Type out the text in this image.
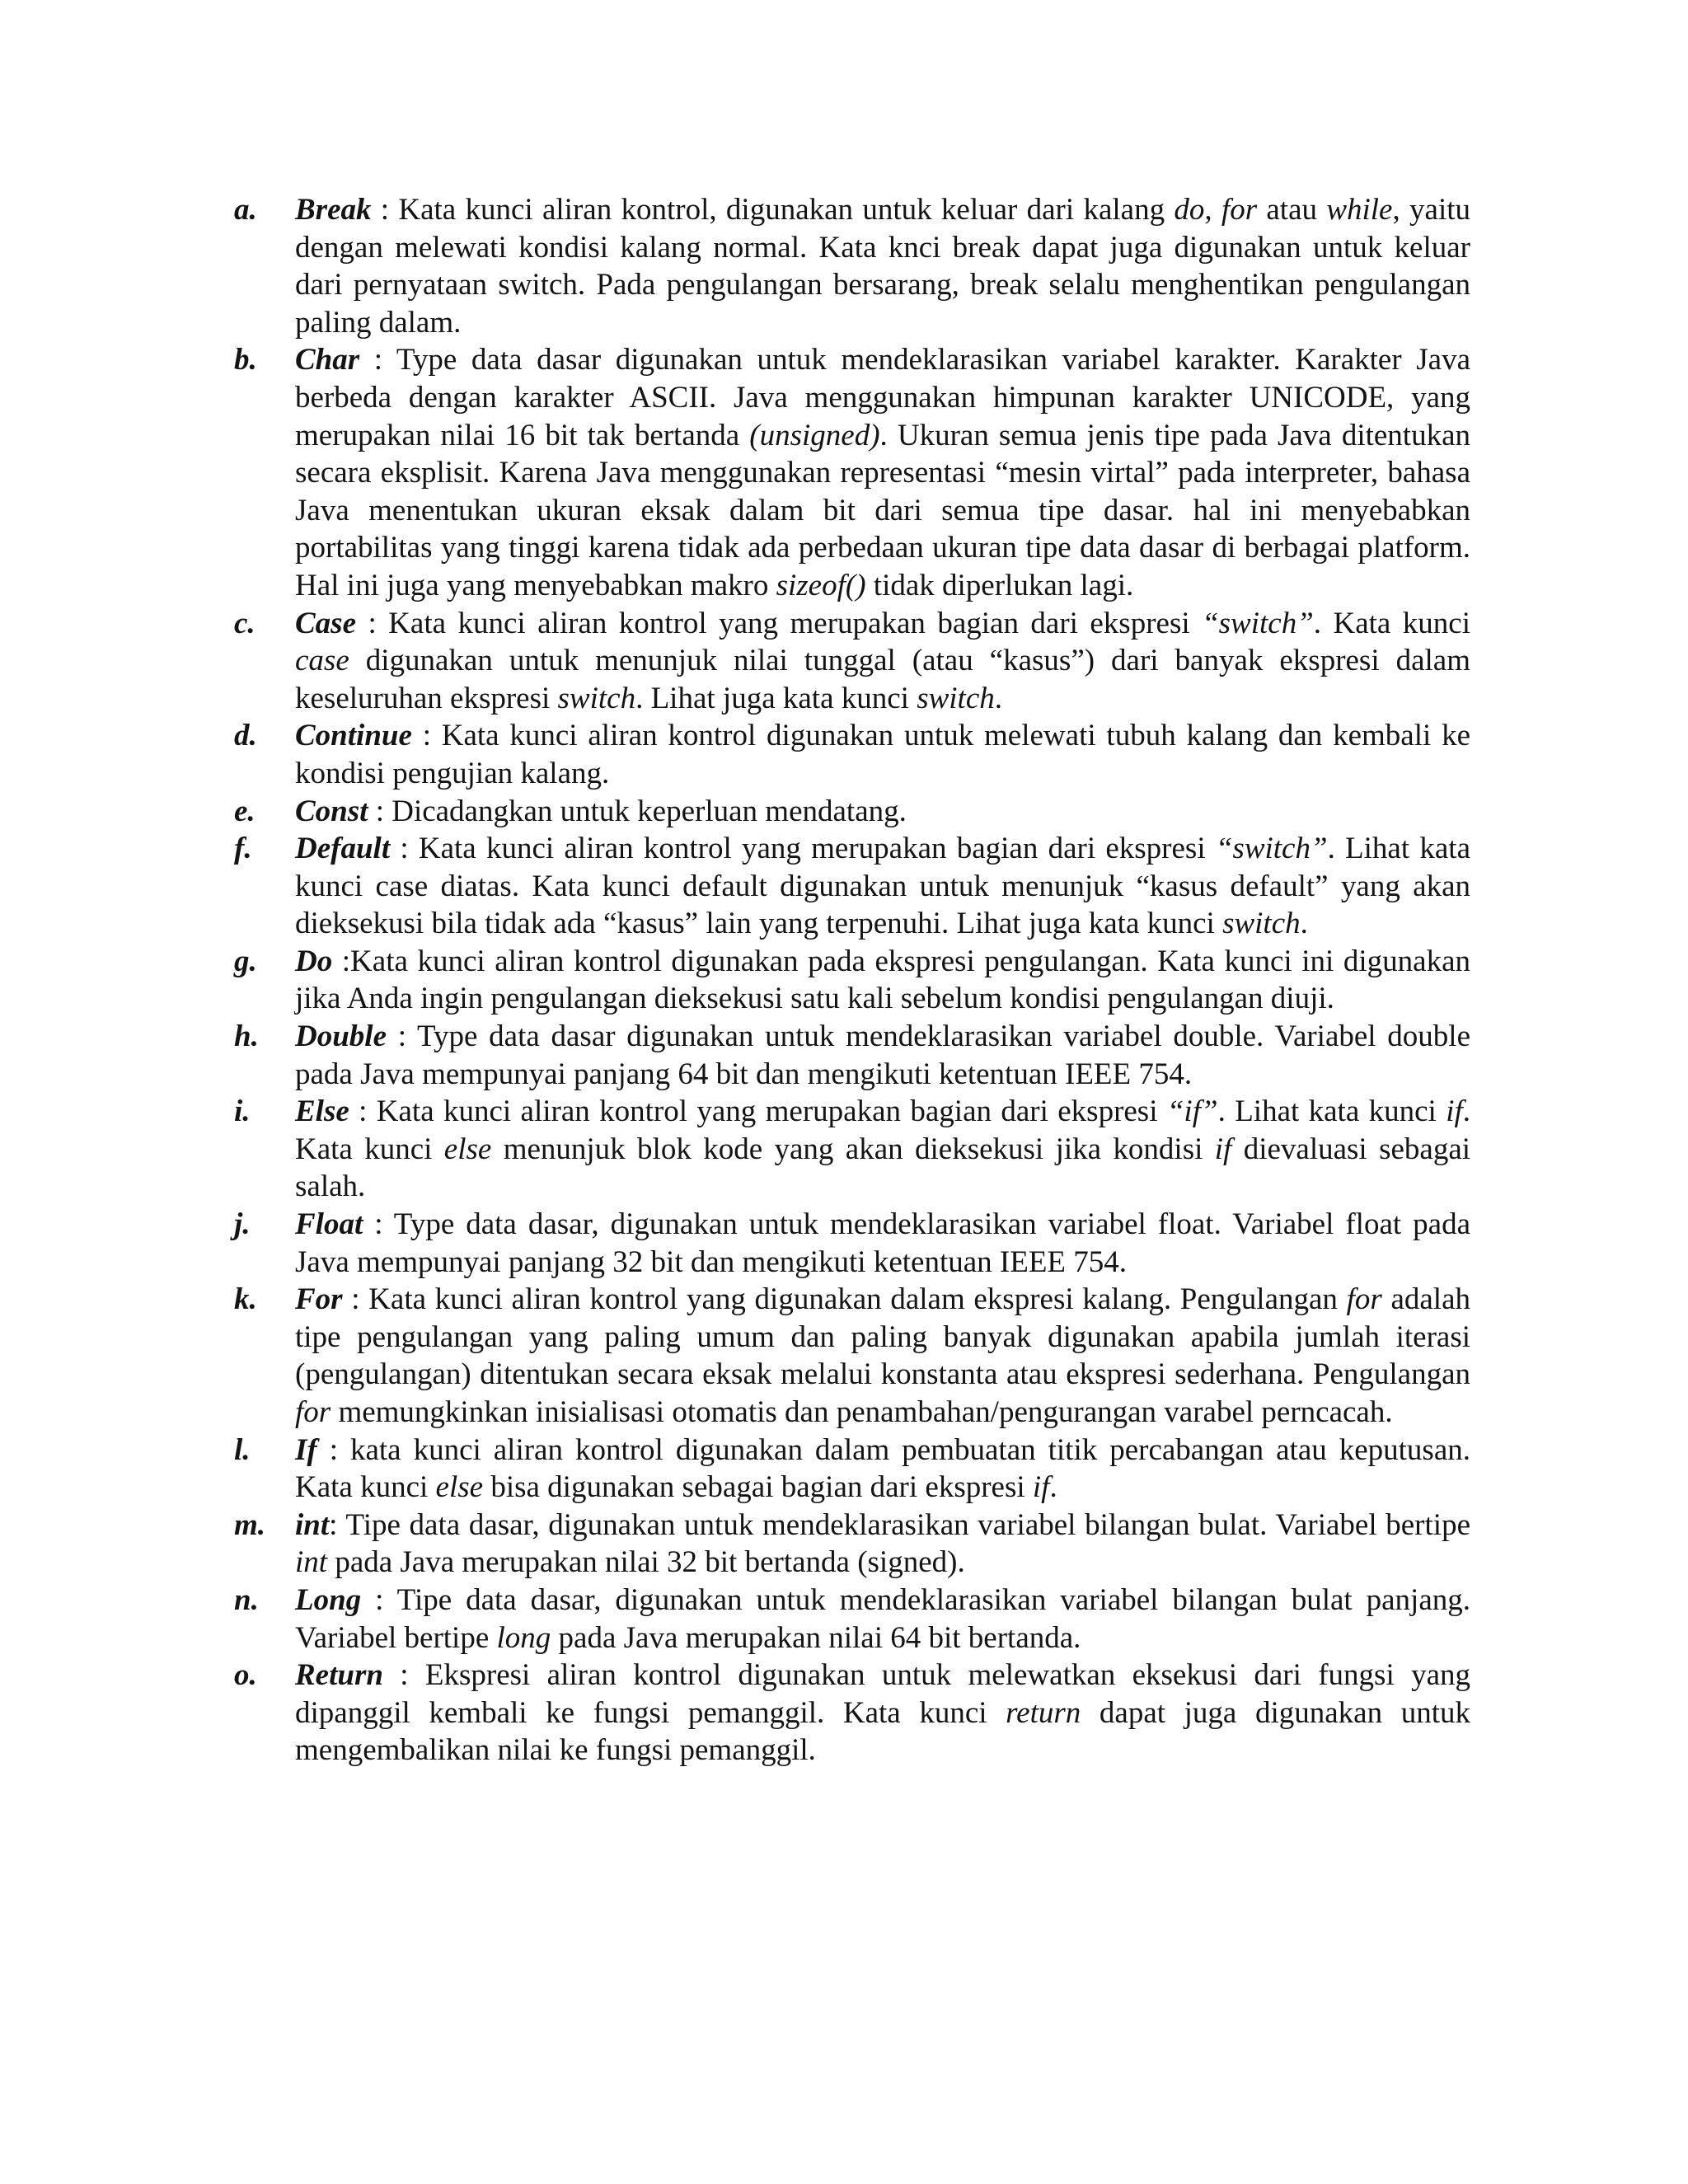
a. Break : Kata kunci aliran kontrol, digunakan untuk keluar dari kalang do, for atau while, yaitu dengan melewati kondisi kalang normal. Kata knci break dapat juga digunakan untuk keluar dari pernyataan switch. Pada pengulangan bersarang, break selalu menghentikan pengulangan paling dalam.
b. Char : Type data dasar digunakan untuk mendeklarasikan variabel karakter. Karakter Java berbeda dengan karakter ASCII. Java menggunakan himpunan karakter UNICODE, yang merupakan nilai 16 bit tak bertanda (unsigned). Ukuran semua jenis tipe pada Java ditentukan secara eksplisit. Karena Java menggunakan representasi “mesin virtal” pada interpreter, bahasa Java menentukan ukuran eksak dalam bit dari semua tipe dasar. hal ini menyebabkan portabilitas yang tinggi karena tidak ada perbedaan ukuran tipe data dasar di berbagai platform. Hal ini juga yang menyebabkan makro sizeof() tidak diperlukan lagi.
c. Case : Kata kunci aliran kontrol yang merupakan bagian dari ekspresi “switch”. Kata kunci case digunakan untuk menunjuk nilai tunggal (atau “kasus”) dari banyak ekspresi dalam keseluruhan ekspresi switch. Lihat juga kata kunci switch.
d. Continue : Kata kunci aliran kontrol digunakan untuk melewati tubuh kalang dan kembali ke kondisi pengujian kalang.
e. Const : Dicadangkan untuk keperluan mendatang.
f. Default : Kata kunci aliran kontrol yang merupakan bagian dari ekspresi “switch”. Lihat kata kunci case diatas. Kata kunci default digunakan untuk menunjuk “kasus default” yang akan dieksekusi bila tidak ada “kasus” lain yang terpenuhi. Lihat juga kata kunci switch.
g. Do :Kata kunci aliran kontrol digunakan pada ekspresi pengulangan. Kata kunci ini digunakan jika Anda ingin pengulangan dieksekusi satu kali sebelum kondisi pengulangan diuji.
h. Double : Type data dasar digunakan untuk mendeklarasikan variabel double. Variabel double pada Java mempunyai panjang 64 bit dan mengikuti ketentuan IEEE 754.
i. Else : Kata kunci aliran kontrol yang merupakan bagian dari ekspresi “if”. Lihat kata kunci if. Kata kunci else menunjuk blok kode yang akan dieksekusi jika kondisi if dievaluasi sebagai salah.
j. Float : Type data dasar, digunakan untuk mendeklarasikan variabel float. Variabel float pada Java mempunyai panjang 32 bit dan mengikuti ketentuan IEEE 754.
k. For : Kata kunci aliran kontrol yang digunakan dalam ekspresi kalang. Pengulangan for adalah tipe pengulangan yang paling umum dan paling banyak digunakan apabila jumlah iterasi (pengulangan) ditentukan secara eksak melalui konstanta atau ekspresi sederhana. Pengulangan for memungkinkan inisialisasi otomatis dan penambahan/pengurangan varabel perncacah.
l. If : kata kunci aliran kontrol digunakan dalam pembuatan titik percabangan atau keputusan. Kata kunci else bisa digunakan sebagai bagian dari ekspresi if.
m. int: Tipe data dasar, digunakan untuk mendeklarasikan variabel bilangan bulat. Variabel bertipe int pada Java merupakan nilai 32 bit bertanda (signed).
n. Long : Tipe data dasar, digunakan untuk mendeklarasikan variabel bilangan bulat panjang. Variabel bertipe long pada Java merupakan nilai 64 bit bertanda.
o. Return : Ekspresi aliran kontrol digunakan untuk melewatkan eksekusi dari fungsi yang dipanggil kembali ke fungsi pemanggil. Kata kunci return dapat juga digunakan untuk mengembalikan nilai ke fungsi pemanggil.
